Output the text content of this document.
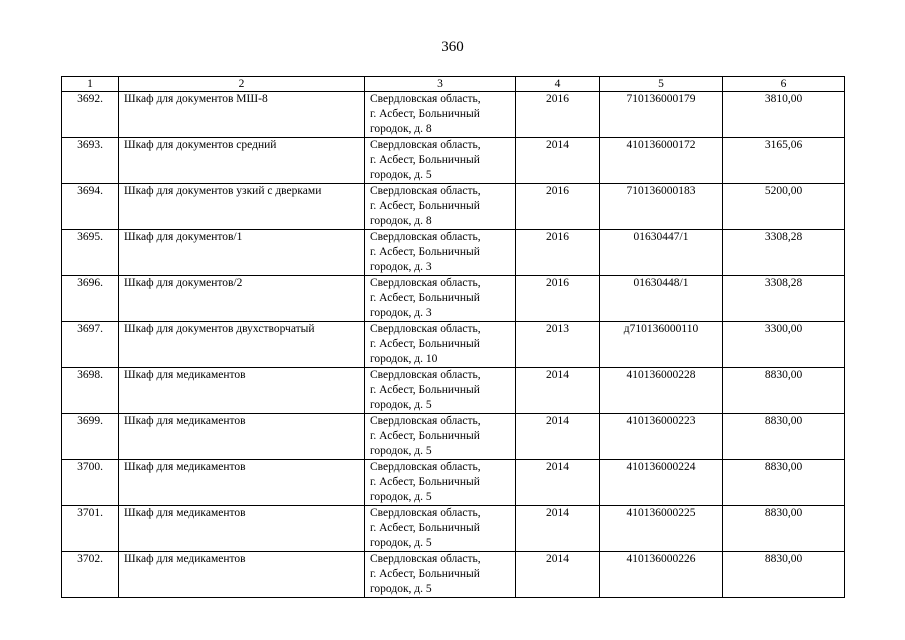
360
1	2	3	4	5	6
3692.	Шкаф для документов МШ-8	Свердловская область,
г. Асбест, Больничный
городок, д. 8	2016	710136000179	3810,00
3693.	Шкаф для документов средний	Свердловская область,
г. Асбест, Больничный
городок, д. 5	2014	410136000172	3165,06
3694.	Шкаф для документов узкий с дверками	Свердловская область,
г. Асбест, Больничный
городок, д. 8	2016	710136000183	5200,00
3695.	Шкаф для документов/1	Свердловская область,
г. Асбест, Больничный
городок, д. 3	2016	01630447/1	3308,28
3696.	Шкаф для документов/2	Свердловская область,
г. Асбест, Больничный
городок, д. 3	2016	01630448/1	3308,28
3697.	Шкаф для документов двухстворчатый	Свердловская область,
г. Асбест, Больничный
городок, д. 10	2013	д710136000110	3300,00
3698.	Шкаф для медикаментов	Свердловская область,
г. Асбест, Больничный
городок, д. 5	2014	410136000228	8830,00
3699.	Шкаф для медикаментов	Свердловская область,
г. Асбест, Больничный
городок, д. 5	2014	410136000223	8830,00
3700.	Шкаф для медикаментов	Свердловская область,
г. Асбест, Больничный
городок, д. 5	2014	410136000224	8830,00
3701.	Шкаф для медикаментов	Свердловская область,
г. Асбест, Больничный
городок, д. 5	2014	410136000225	8830,00
3702.	Шкаф для медикаментов	Свердловская область,
г. Асбест, Больничный
городок, д. 5	2014	410136000226	8830,00
